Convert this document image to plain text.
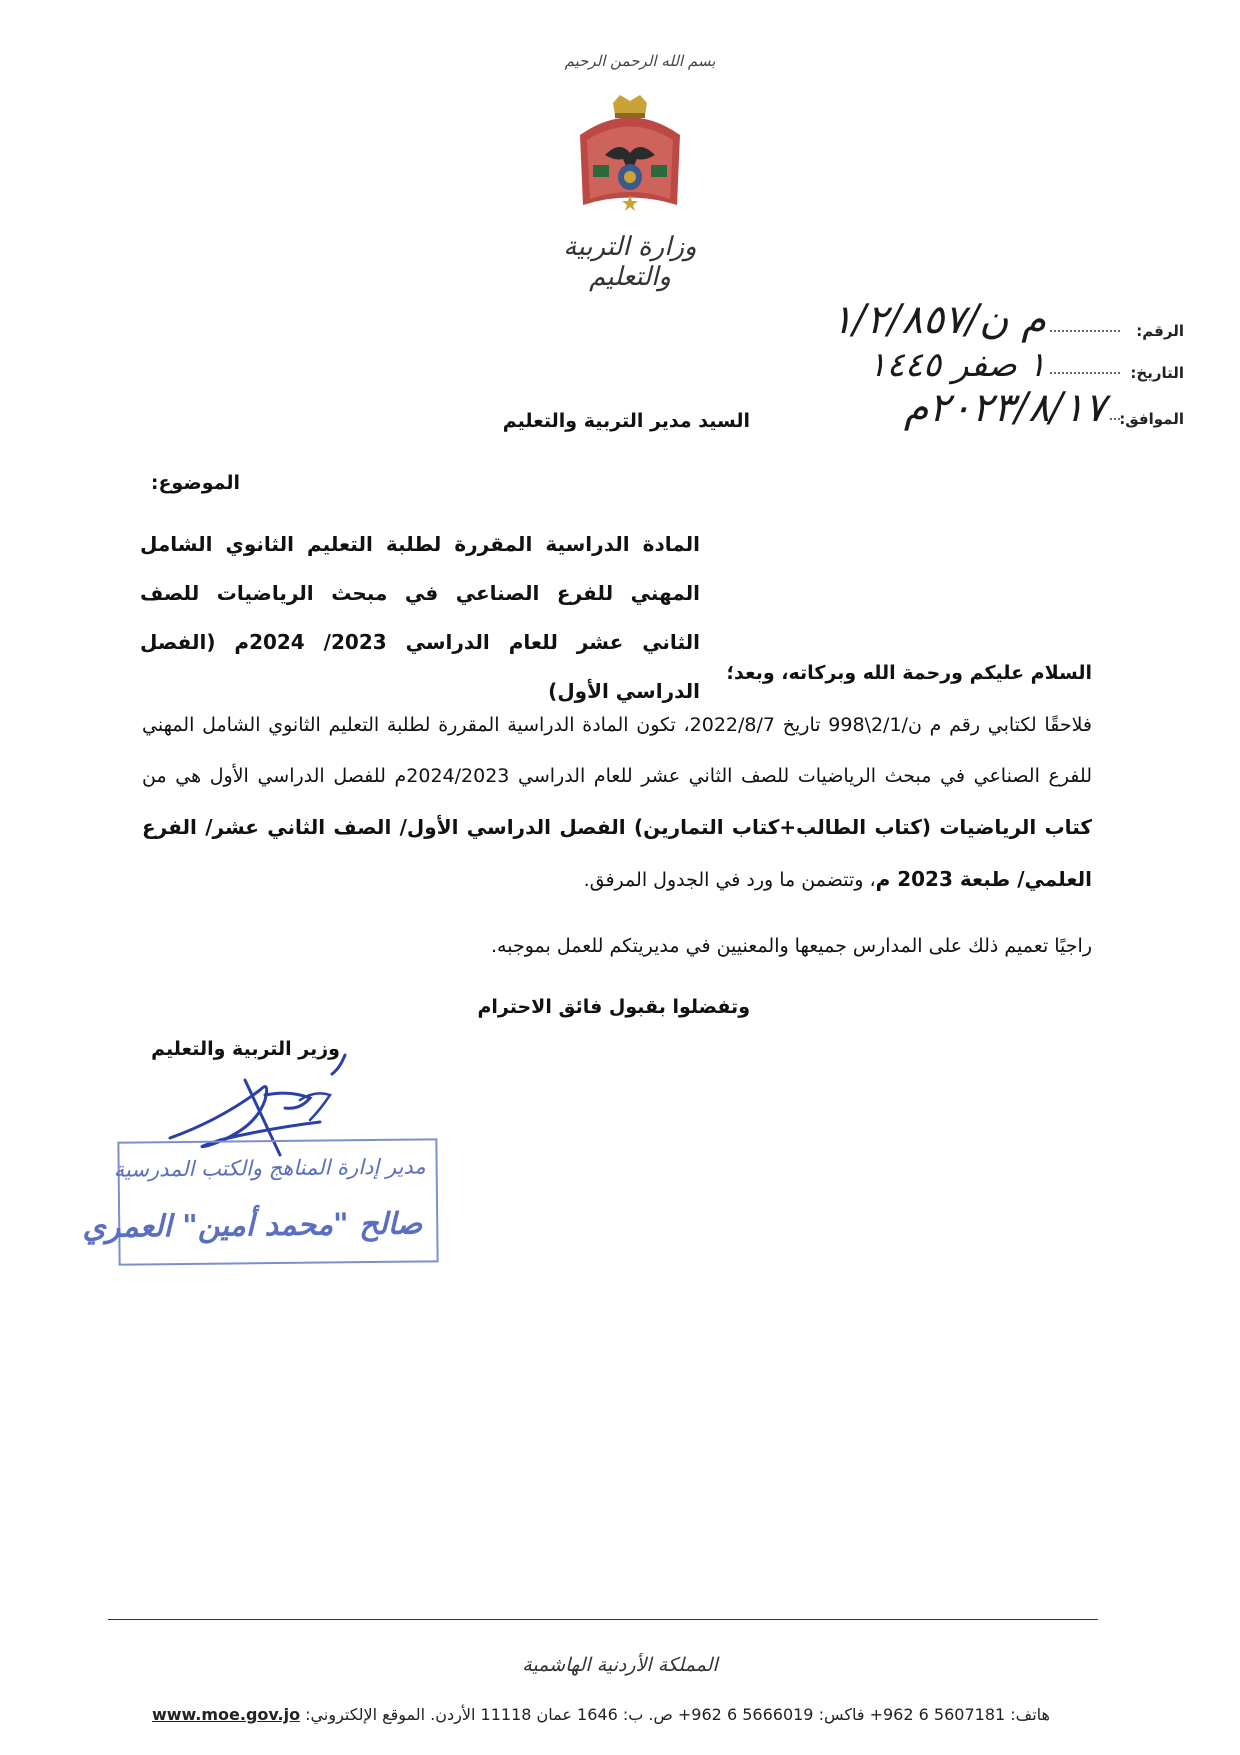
بسم الله الرحمن الرحيم
وزارة التربية والتعليم
الرقم:
م ن/١/٢/٨٥٧
التاريخ:
١ صفر ١٤٤٥
الموافق:
٢٠٢٣/٨/١٧م
السيد مدير التربية والتعليم
الموضوع:
المادة الدراسية المقررة لطلبة التعليم الثانوي الشامل المهني للفرع الصناعي في مبحث الرياضيات للصف الثاني عشر للعام الدراسي 2023/ 2024م (الفصل الدراسي الأول)
السلام عليكم ورحمة الله وبركاته، وبعد؛
فلاحقًا لكتابي رقم م ن/2/1\998 تاريخ 2022/8/7، تكون المادة الدراسية المقررة لطلبة التعليم الثانوي الشامل المهني للفرع الصناعي في مبحث الرياضيات للصف الثاني عشر للعام الدراسي 2024/2023م للفصل الدراسي الأول هي من كتاب الرياضيات (كتاب الطالب+كتاب التمارين) الفصل الدراسي الأول/ الصف الثاني عشر/ الفرع العلمي/ طبعة 2023 م، وتتضمن ما ورد في الجدول المرفق.
راجيًا تعميم ذلك على المدارس جميعها والمعنيين في مديريتكم للعمل بموجبه.
وتفضلوا بقبول فائق الاحترام
وزير التربية والتعليم
مدير إدارة المناهج والكتب المدرسية
صالح "محمد أمين" العمري
المملكة الأردنية الهاشمية
هاتف: 5607181 6 962+ فاكس: 5666019 6 962+ ص. ب: 1646 عمان 11118 الأردن. الموقع الإلكتروني: www.moe.gov.jo
